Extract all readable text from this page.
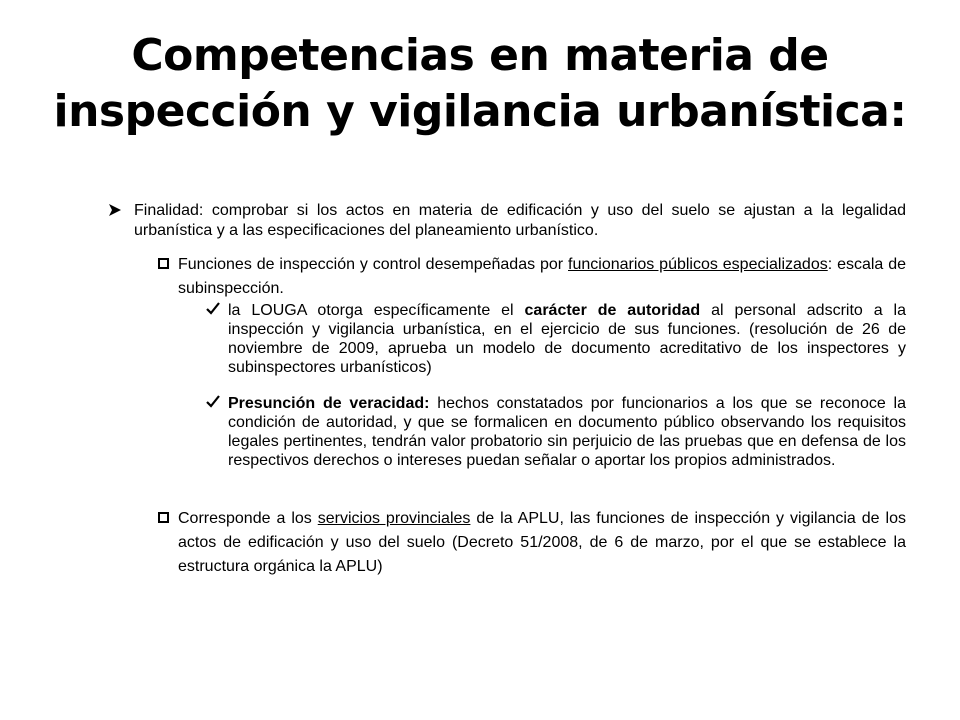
Competencias en materia de
inspección y vigilancia urbanística:
Finalidad: comprobar si los actos en materia de edificación y uso del suelo se ajustan a la legalidad urbanística y a las especificaciones del planeamiento urbanístico.
Funciones de inspección y control desempeñadas por funcionarios públicos especializados: escala de subinspección.
la LOUGA otorga específicamente el carácter de autoridad al personal adscrito a la inspección y vigilancia urbanística, en el ejercicio de sus funciones. (resolución de 26 de noviembre de 2009, aprueba un modelo de documento acreditativo de los inspectores y subinspectores urbanísticos)
Presunción de veracidad: hechos constatados por funcionarios a los que se reconoce la condición de autoridad, y que se formalicen en documento público observando los requisitos legales pertinentes, tendrán valor probatorio sin perjuicio de las pruebas que en defensa de los respectivos derechos o intereses puedan señalar o aportar los propios administrados.
Corresponde a los servicios provinciales de la APLU, las funciones de inspección y vigilancia de los actos de edificación y uso del suelo (Decreto 51/2008, de 6 de marzo, por el que se establece la estructura orgánica la APLU)
